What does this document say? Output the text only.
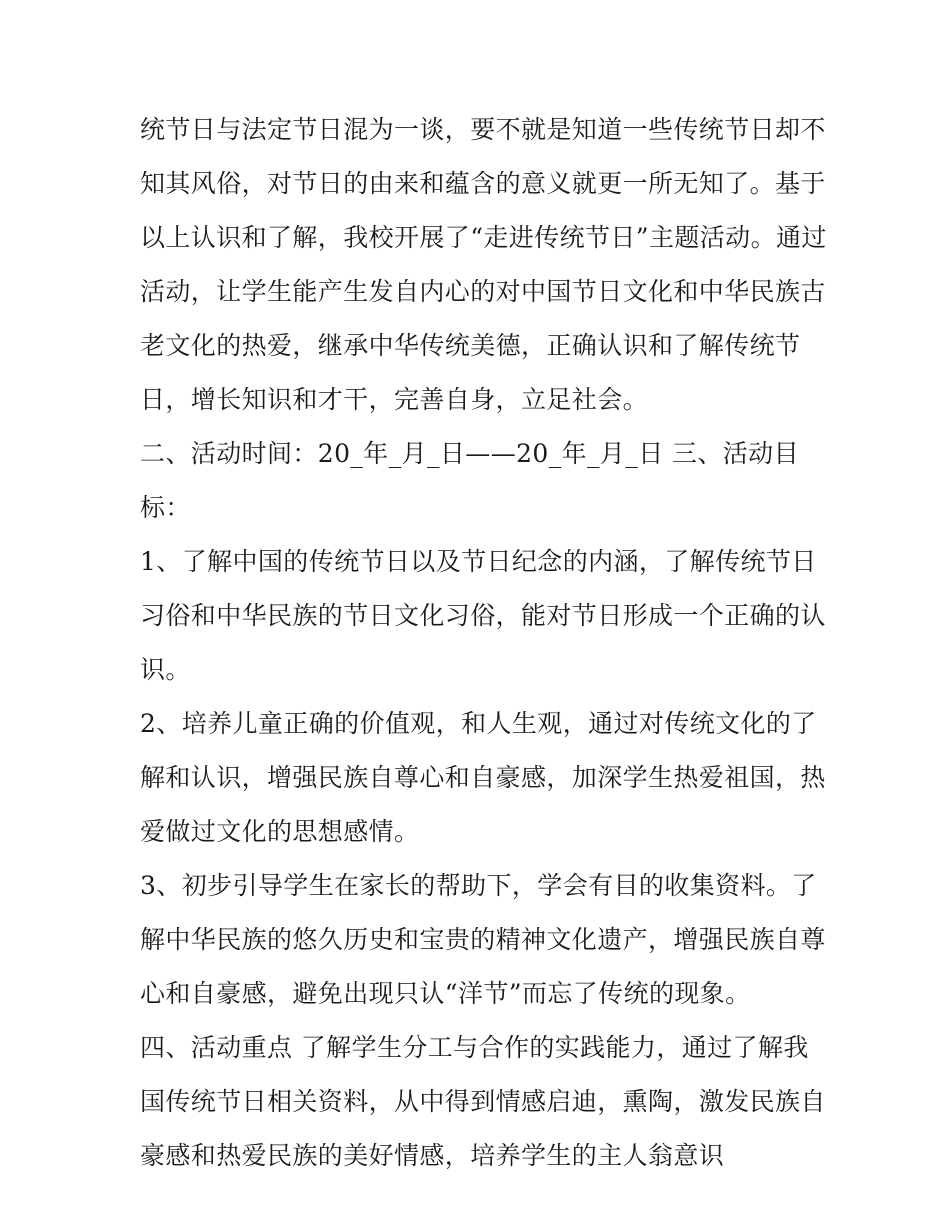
统节日与法定节日混为一谈，要不就是知道一些传统节日却不
知其风俗，对节日的由来和蕴含的意义就更一所无知了。基于
以上认识和了解，我校开展了“走进传统节日”主题活动。通过
活动，让学生能产生发自内心的对中国节日文化和中华民族古
老文化的热爱，继承中华传统美德，正确认识和了解传统节
日，增长知识和才干，完善自身，立足社会。
二、活动时间：20_年_月_日——20_年_月_日 三、活动目
标：
1、了解中国的传统节日以及节日纪念的内涵，了解传统节日
习俗和中华民族的节日文化习俗，能对节日形成一个正确的认
识。
2、培养儿童正确的价值观，和人生观，通过对传统文化的了
解和认识，增强民族自尊心和自豪感，加深学生热爱祖国，热
爱做过文化的思想感情。
3、初步引导学生在家长的帮助下，学会有目的收集资料。了
解中华民族的悠久历史和宝贵的精神文化遗产，增强民族自尊
心和自豪感，避免出现只认“洋节”而忘了传统的现象。
四、活动重点 了解学生分工与合作的实践能力，通过了解我
国传统节日相关资料，从中得到情感启迪，熏陶，激发民族自
豪感和热爱民族的美好情感，培养学生的主人翁意识
